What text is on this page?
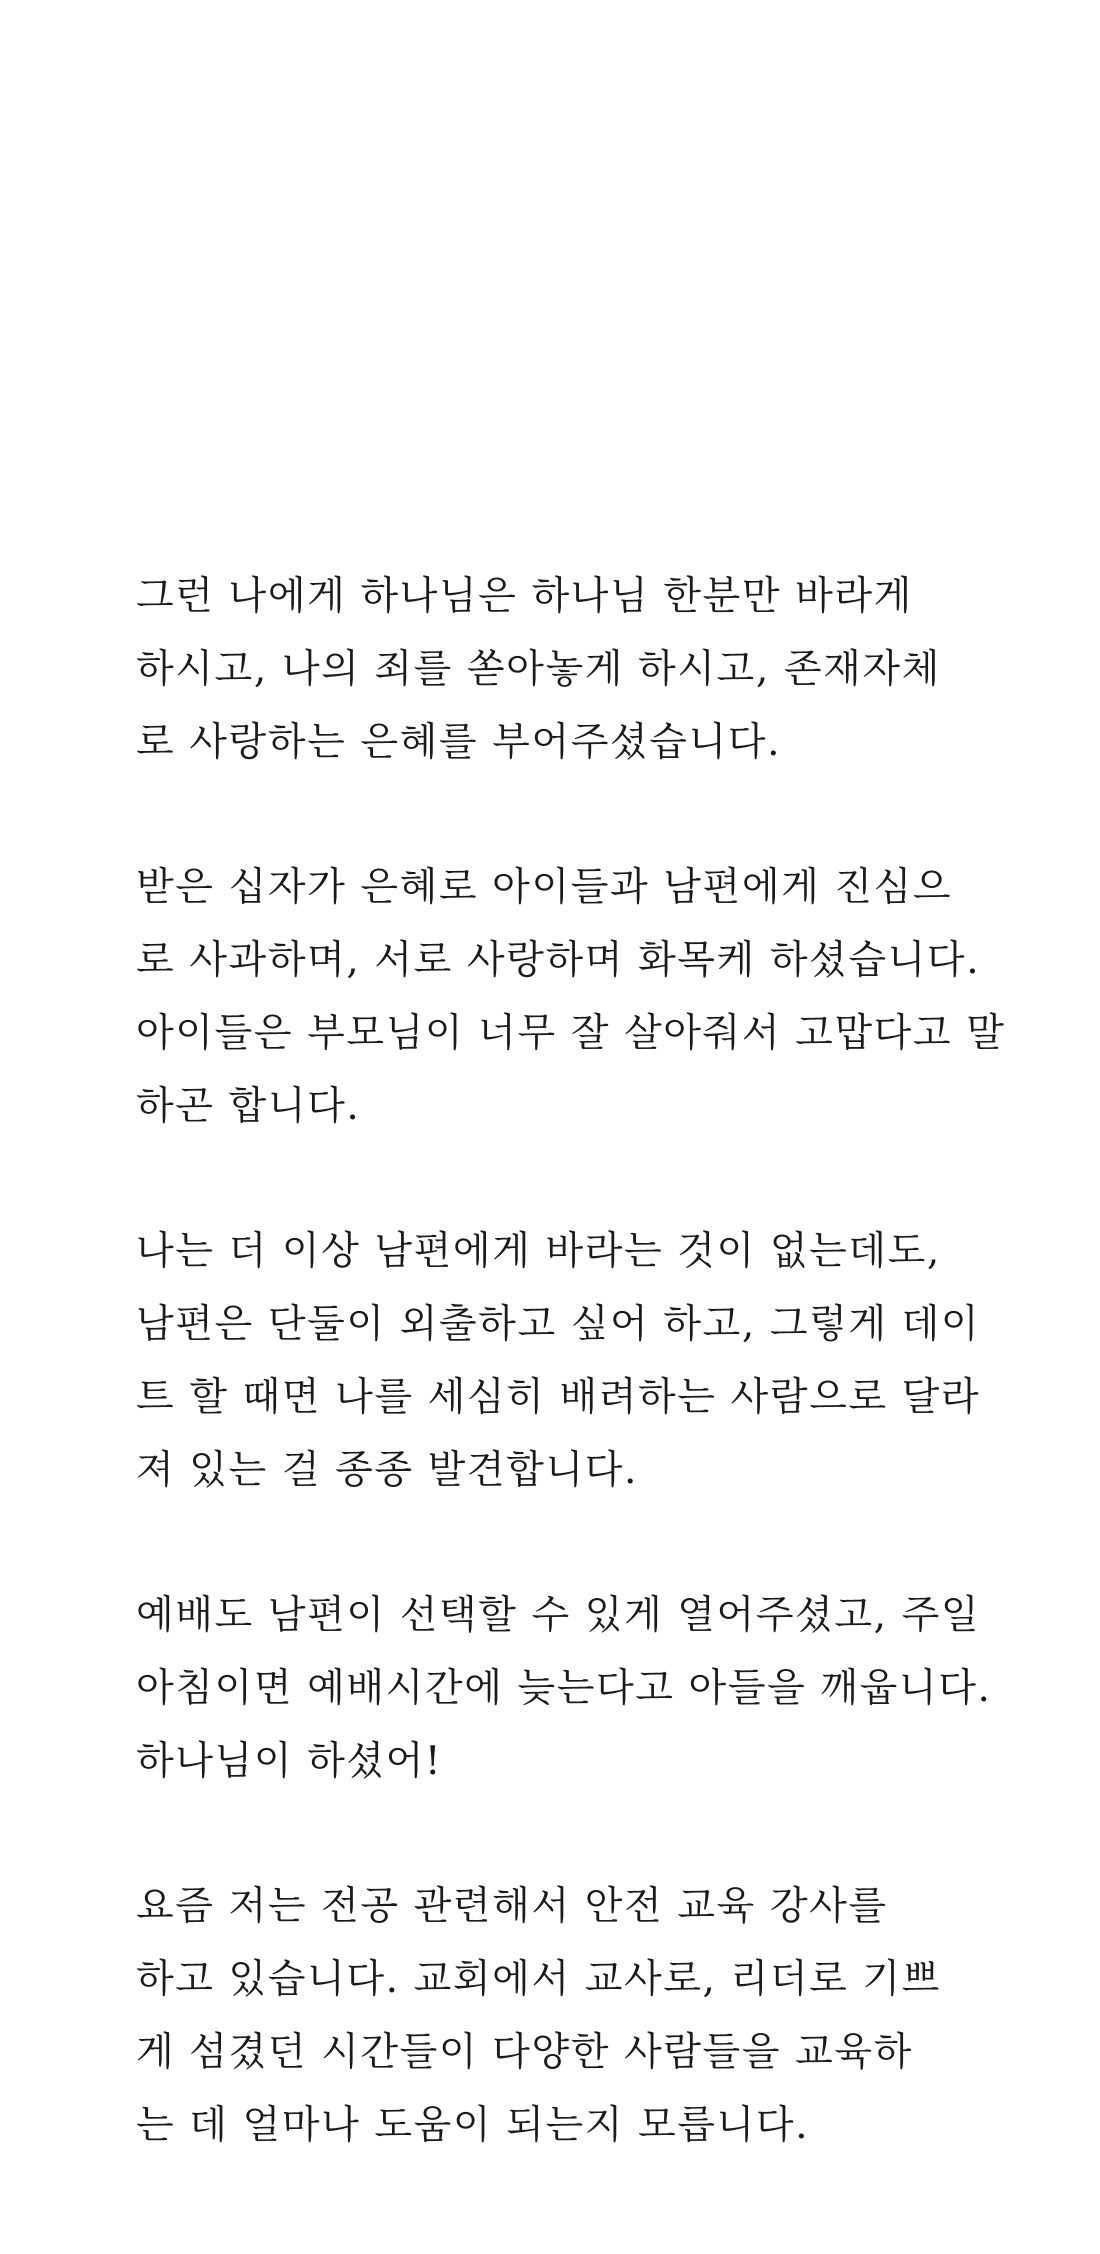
그런 나에게 하나님은 하나님 한분만 바라게
하시고, 나의 죄를 쏟아놓게 하시고, 존재자체
로 사랑하는 은혜를 부어주셨습니다.

받은 십자가 은혜로 아이들과 남편에게 진심으
로 사과하며, 서로 사랑하며 화목케 하셨습니다.
아이들은 부모님이 너무 잘 살아줘서 고맙다고 말
하곤 합니다.

나는 더 이상 남편에게 바라는 것이 없는데도,
남편은 단둘이 외출하고 싶어 하고, 그렇게 데이
트 할 때면 나를 세심히 배려하는 사람으로 달라
져 있는 걸 종종 발견합니다.

예배도 남편이 선택할 수 있게 열어주셨고, 주일
아침이면 예배시간에 늦는다고 아들을 깨웁니다.
하나님이 하셨어!

요즘 저는 전공 관련해서 안전 교육 강사를
하고 있습니다. 교회에서 교사로, 리더로 기쁘
게 섬겼던 시간들이 다양한 사람들을 교육하
는 데 얼마나 도움이 되는지 모릅니다.
